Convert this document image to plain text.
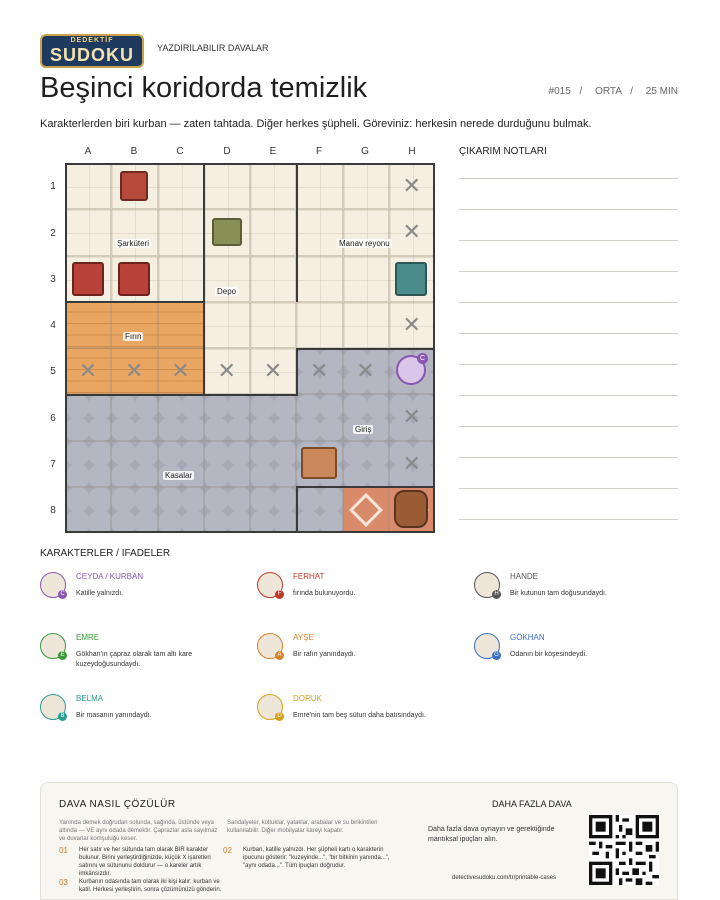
DEDEKTİF
SUDOKU	YAZDIRILABILIR DAVALAR
Beşinci koridorda temizlik	#015 / ORTA / 25 MIN
Karakterlerden biri kurban — zaten tahtada. Diğer herkes şüpheli. Göreviniz: herkesin nerede durduğunu bulmak.
A	B	C	D	E	F	G	H
1
2
3
4
5
6
7
8
Şarküteri	Manav reyonu
Depo
Fırın
Giriş
Kasalar
C
✕
✕
✕
✕	✕	✕	✕	✕	✕	✕
✕
✕
ÇIKARIM NOTLARI
KARAKTERLER / IFADELER
C
CEYDA / KURBAN
Katille yalnızdı.	F
FERHAT
fırında bulunuyordu.	H
HANDE
Bir kutunun tam doğusundaydı.
E
EMRE
Gökhan'ın çapraz olarak tam altı kare kuzeydoğusundaydı.
A
AYŞE
Bir rafın yanındaydı.	G
GÖKHAN
Odanın bir köşesindeydi.
B
BELMA
Bir masanın yanındaydı.	D
DORUK
Emre'nin tam beş sütun daha batısındaydı.
DAVA NASIL ÇÖZÜLÜR
Yanında demek doğrudan solunda, sağında, üstünde veya altında — VE aynı odada demektir. Çaprazlar asla sayılmaz ve duvarlar komşuluğu keser.
Sandalyeler, koltuklar, yataklar, arabalar ve su birikintileri kullanılabilir. Diğer mobilyalar kareyi kapatır.
01 Her satır ve her sütunda tam olarak BIR karakter bulunur. Birini yerleştirdiğinizde, küçük X işaretleri satırını ve sütununu doldurur — o kareler artık imkânsızdır.
02 Kurban, katille yalnızdı. Her şüpheli kartı o karakterin ipucunu gösterir: "kuzeyinde...", "bir bitkinin yanında...", "aynı odada...". Tüm ipuçları doğrudur.
03 Kurbanın odasında tam olarak iki kişi kalır: kurban ve katil. Herkesi yerleştirin, sonra çözümünüzü gönderin.
DAHA FAZLA DAVA
Daha fazla dava oynayın ve gerektiğinde mantıksal ipuçları alın.
detectivesudoku.com/tr/printable-cases
